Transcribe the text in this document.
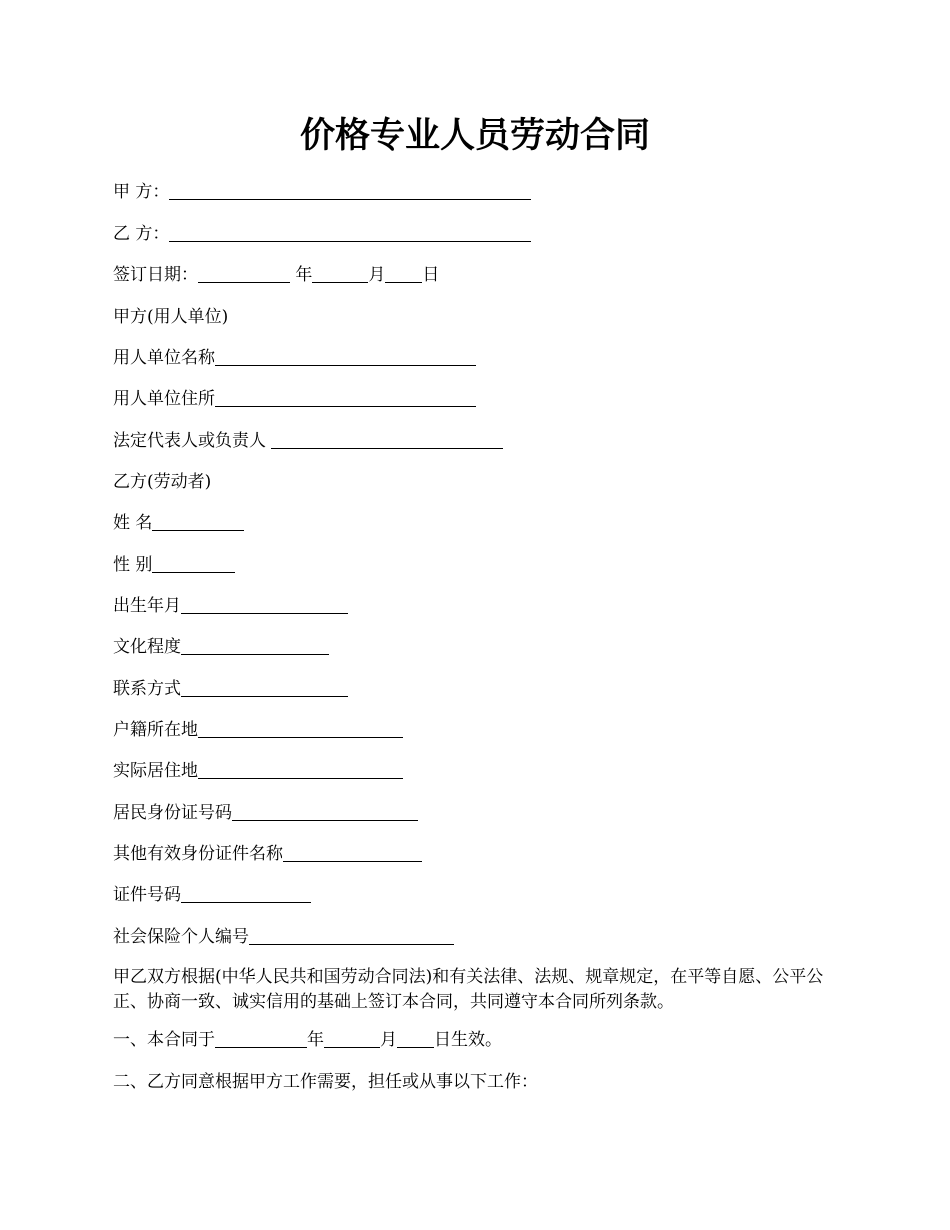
价格专业人员劳动合同
甲 方：
乙 方：
签订日期：	年	月 日
甲方(用人单位)
用人单位名称
用人单位住所
法定代表人或负责人
乙方(劳动者)
姓 名
性 别
出生年月
文化程度
联系方式
户籍所在地
实际居住地
居民身份证号码
其他有效身份证件名称
证件号码
社会保险个人编号
甲乙双方根据(中华人民共和国劳动合同法)和有关法律、法规、规章规定，在平等自愿、公平公正、协商一致、诚实信用的基础上签订本合同，共同遵守本合同所列条款。
一、本合同于	年	月 日生效。
二、乙方同意根据甲方工作需要，担任或从事以下工作：
